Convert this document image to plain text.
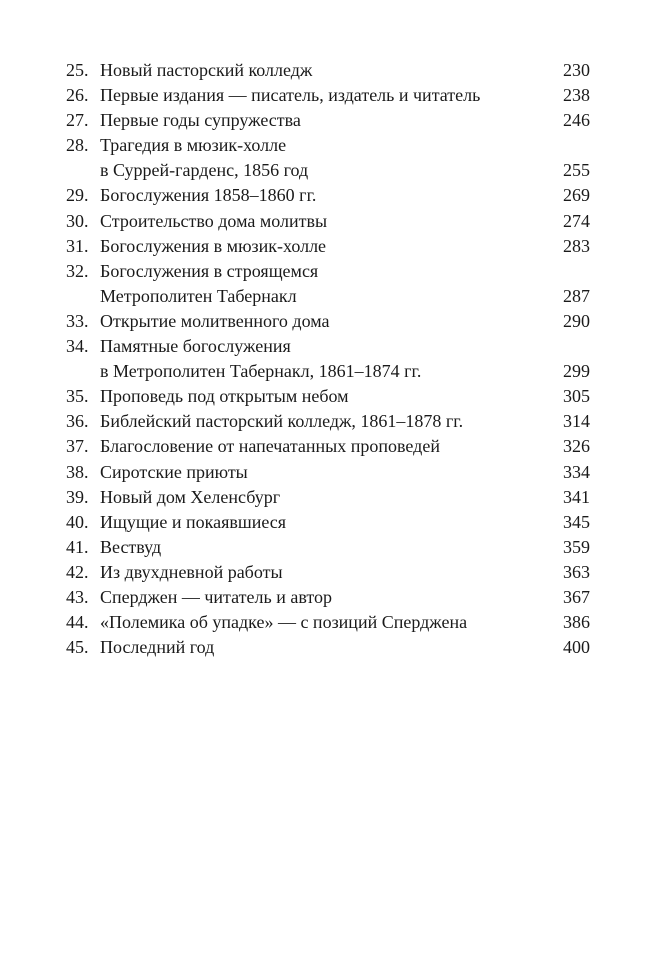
25. Новый пасторский колледж	230
26. Первые издания — писатель, издатель и читатель	238
27. Первые годы супружества	246
28. Трагедия в мюзик-холле
в Суррей-гарденс, 1856 год	255
29. Богослужения 1858–1860 гг.	269
30. Строительство дома молитвы	274
31. Богослужения в мюзик-холле	283
32. Богослужения в строящемся
Метрополитен Табернакл	287
33. Открытие молитвенного дома	290
34. Памятные богослужения
в Метрополитен Табернакл, 1861–1874 гг.	299
35. Проповедь под открытым небом	305
36. Библейский пасторский колледж, 1861–1878 гг.	314
37. Благословение от напечатанных проповедей	326
38. Сиротские приюты	334
39. Новый дом Хеленсбург	341
40. Ищущие и покаявшиеся	345
41. Вествуд	359
42. Из двухдневной работы	363
43. Сперджен — читатель и автор	367
44. «Полемика об упадке» — с позиций Сперджена	386
45. Последний год	400
